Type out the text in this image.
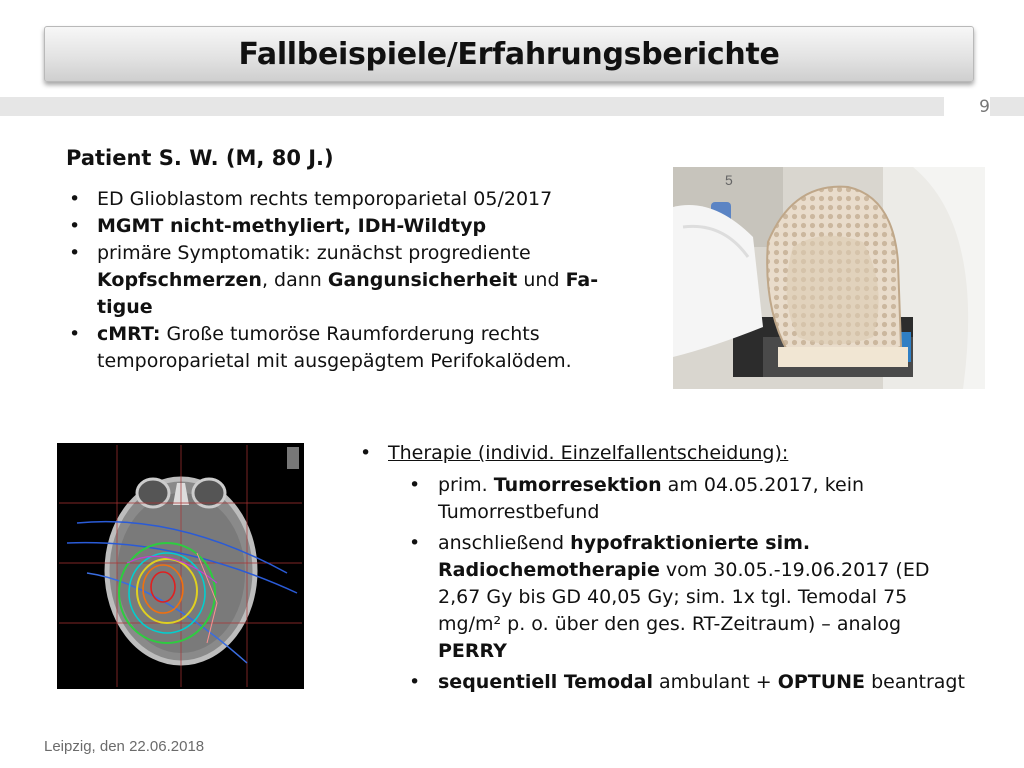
Fallbeispiele/Erfahrungsberichte
9
Patient S. W. (M, 80 J.)
• ED Glioblastom rechts temporoparietal 05/2017
• MGMT nicht-methyliert, IDH-Wildtyp
• primäre Symptomatik: zunächst progrediente Kopfschmerzen, dann Gangunsicherheit und Fa-tigue
• cMRT: Große tumoröse Raumforderung rechts temporoparietal mit ausgepägtem Perifokalödem.
5
• Therapie (individ. Einzelfallentscheidung):
• prim. Tumorresektion am 04.05.2017, kein Tumorrestbefund
• anschließend hypofraktionierte sim. Radiochemotherapie vom 30.05.-19.06.2017 (ED 2,67 Gy bis GD 40,05 Gy; sim. 1x tgl. Temodal 75 mg/m² p. o. über den ges. RT-Zeitraum) – analog PERRY
• sequentiell Temodal ambulant + OPTUNE beantragt
Leipzig, den 22.06.2018
